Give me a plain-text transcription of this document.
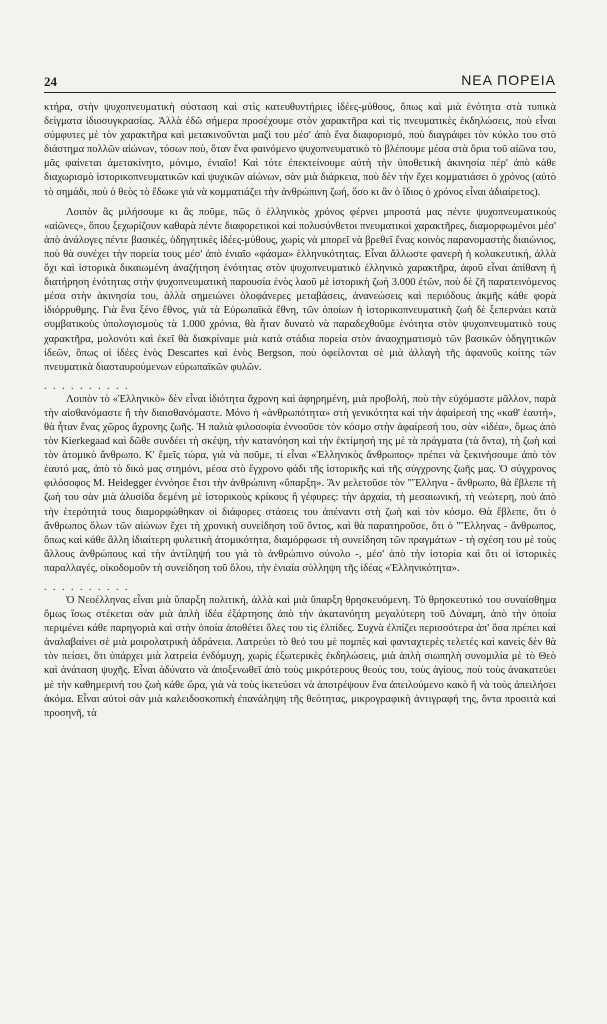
24	ΝΕΑ ΠΟΡΕΙΑ

κτήρα, στὴν ψυχοπνευματικὴ σύσταση καὶ στὶς κατευθυντήριες ἰδέες-μύθους, ὅπως καὶ μιὰ ἑνότητα στὰ τυπικὰ δείγματα ἰδιοσυγκρασίας. Ἀλλὰ ἐδῶ σήμερα προσέχουμε στὸν χαρακτῆρα καὶ τὶς πνευματικὲς ἐκδηλώσεις, ποὺ εἶναι σύμφυτες μὲ τὸν χαρακτῆρα καὶ μετακινοῦνται μαζὶ του μέσ' ἀπὸ ἕνα διαφορισμό, ποὺ διαγράφει τὸν κύκλο του στὸ διάστημα πολλῶν αἰώνων, τόσων ποὺ, ὅταν ἕνα φαινόμενο ψυχοπνευματικὸ τὸ βλέπουμε μέσα στὰ ὅρια τοῦ αἰῶνα του, μᾶς φαίνεται ἀμετακίνητο, μόνιμο, ἑνιαῖο! Καὶ τότε ἐπεκτείνουμε αὐτὴ τὴν ὑποθετικὴ ἀκινησία πέρ' ἀπὸ κάθε διαχωρισμὸ ἱστορικοπνευματικῶν καὶ ψυχικῶν αἰώνων, σὰν μιὰ διάρκεια, ποὺ δὲν τὴν ἔχει κομματιάσει ὁ χρόνος (αὐτὸ τὸ σημάδι, ποὺ ὁ θεὸς τὸ ἔδωκε γιὰ νὰ κομματιάζει τὴν ἀνθρώπινη ζωή, ὅσο κι ἂν ὁ ἴδιος ὁ χρόνος εἶναι ἀδιαίρετος).

Λοιπὸν ἂς μιλήσουμε κι ἂς ποῦμε, πῶς ὁ ἑλληνικὸς χρόνος φέρνει μπροστά μας πέντε ψυχοπνευματικοὺς «αἰῶνες», ὅπου ξεχωρίζουν καθαρὰ πέντε διαφορετικοὶ καὶ πολυσύνθετοι πνευματικοὶ χαρακτῆρες, διαμορφωμένοι μέσ' ἀπὸ ἀνάλογες πέντε βασικές, ὁδηγητικὲς ἰδέες-μύθους, χωρὶς νὰ μπορεῖ νὰ βρεθεῖ ἕνας κοινὸς παρανομαστὴς διαιώνιος, ποὺ θὰ συνέχει τὴν πορεία τους μέσ' ἀπὸ ἑνιαῖο «φάσμα» ἑλληνικότητας. Εἶναι ἄλλωστε φανερὴ ἡ κολακευτική, ἀλλὰ ὄχι καὶ ἱστορικὰ δικαιωμένη ἀναζήτηση ἑνότητας στὸν ψυχοπνευματικὸ ἑλληνικὸ χαρακτῆρα, ἀφοῦ εἶναι ἀπίθανη ἡ διατήρηση ἑνότητας στὴν ψυχοπνευματικὴ παρουσία ἑνὸς λαοῦ μὲ ἱστορικὴ ζωὴ 3.000 ἐτῶν, ποὺ δὲ ζῆ παρατεινόμενος μέσα στὴν ἀκινησία του, ἀλλὰ σημειώνει ὁλοφάνερες μεταβάσεις, ἀνανεώσεις καὶ περιόδους ἀκμῆς κάθε φορὰ ἰδιόρρυθμης. Γιὰ ἕνα ξένο ἔθνος, γιὰ τὰ Εὐρωπαϊκὰ ἔθνη, τῶν ὁποίων ἡ ἱστορικοπνευματικὴ ζωὴ δὲ ξεπερνάει κατὰ συμβατικοὺς ὑπολογισμοὺς τὰ 1.000 χρόνια, θὰ ἦταν δυνατὸ νὰ παραδεχθοῦμε ἑνότητα στὸν ψυχοπνευματικὸ τους χαρακτῆρα, μολονότι καὶ ἐκεῖ θὰ διακρίναμε μιὰ κατὰ στάδια πορεία στὸν ἀναοχηματισμὸ τῶν βασικῶν ὁδηγητικῶν ἰδεῶν, ὅπως οἱ ἰδέες ἑνὸς Descartes καὶ ἑνὸς Bergson, ποὺ ὀφείλονται σὲ μιὰ ἀλλαγὴ τῆς ἀφανοῦς κοίτης τῶν πνευματικὰ διασταυρούμενων εὐρωπαϊκῶν φυλῶν.

. . . . . . . . . .

Λοιπὸν τὸ «Ἑλληνικὸ» δὲν εἶναι ἰδιότητα ἄχρονη καὶ ἀφηρημένη, μιὰ προβολή, ποὺ τὴν εὐχόμαστε μᾶλλον, παρὰ τὴν αἰσθανόμαστε ἢ τὴν διαισθανόμαστε. Μόνο ἡ «ἀνθρωπότητα» στὴ γενικότητα καὶ τὴν ἀφαίρεσή της «καθ' ἑαυτή», θὰ ἦταν ἕνας χῶρος ἄχρονης ζωῆς. Ἡ παλιὰ φιλοσοφία ἐννοοῦσε τὸν κόσμο στὴν ἀφαίρεσή του, σὰν «ἰδέα», ὅμως ἀπὸ τὸν Kierkegaad καὶ δῶθε συνδέει τὴ σκέψη, τὴν κατανόηση καὶ τὴν ἐκτίμησή της μὲ τὰ πράγματα (τὰ ὄντα), τὴ ζωὴ καὶ τὸν ἀτομικὸ ἄνθρωπο. Κ' ἔμεῖς τώρα, γιὰ νὰ ποῦμε, τί εἶναι «Ἑλληνικὸς ἄνθρωπος» πρέπει νὰ ξεκινήσουμε ἀπὸ τὸν ἑαυτό μας, ἀπὸ τὸ δικό μας στημόνι, μέσα στὸ ἔγχρονο φάδι τῆς ἱστορικῆς καὶ τῆς σύγχρονης ζωῆς μας. Ὁ σύγχρονος φιλόσοφος Μ. Heidegger ἐννόησε ἔτσι τὴν ἀνθρώπινη «ὕπαρξη». Ἂν μελετοῦσε τὸν "Ἕλληνα - ἄνθρωπο, θὰ ἔβλεπε τὴ ζωή του σὰν μιὰ ἀλυσίδα δεμένη μὲ ἱστορικοὺς κρίκους ἢ γέφυρες: τὴν ἀρχαία, τὴ μεσαιωνική, τὴ νεώτερη, ποὺ ἀπὸ τὴν ἑτερότητά τους διαμορφώθηκαν οἱ διάφορες στάσεις του ἀπέναντι στὴ ζωὴ καὶ τὸν κόσμο. Θὰ ἔβλεπε, ὅτι ὁ ἄνθρωπος ὅλων τῶν αἰώνων ἔχει τὴ χρονικὴ συνείδηση τοῦ ὄντος, καὶ θὰ παρατηροῦσε, ὅτι ὁ "Ἕλληνας - ἄνθρωπος, ὅπως καὶ κάθε ἄλλη ἰδιαίτερη φυλετικὴ ἀτομικότητα, διαμόρφωσε τὴ συνείδηση τῶν πραγμάτων - τὴ σχέση του μὲ τοὺς ἄλλους ἀνθρώπους καὶ τὴν ἀντίληψή του γιὰ τὸ ἀνθρώπινο σύνολο -, μέσ' ἀπὸ τὴν ἱστορία καὶ ὅτι οἱ ἱστορικὲς παραλλαγές, οἰκοδομοῦν τὴ συνείδηση τοῦ ὅλου, τὴν ἑνιαία σύλληψη τῆς ἰδέας «Ἑλληνικότητα».

. . . . . . . . . .

Ὁ Νεοέλληνας εἶναι μιὰ ὕπαρξη πολιτική, ἀλλὰ καὶ μιὰ ὕπαρξη θρησκευόμενη. Τὸ θρησκευτικό του συναίσθημα ὅμως ἴσως στέκεται σὰν μιὰ ἁπλὴ ἰδέα ἐξάρτησης ἀπὸ τὴν ἀκατανόητη μεγαλύτερη τοῦ Δύναμη, ἀπὸ τὴν ὁποία περιμένει κάθε παρηγοριὰ καὶ στὴν ὁποία ἀποθέτει ὅλες του τὶς ἐλπίδες. Συχνὰ ἐλπίζει περισσότερα ἀπ' ὅσα πρέπει καὶ ἀναλαβαίνει σὲ μιὰ μοιρολατρικὴ ἀδράνεια. Λατρεύει τὸ θεό του μὲ πομπὲς καὶ φανταχτερὲς τελετές καὶ κανεὶς δὲν θὰ τὸν πείσει, ὅτι ὑπάρχει μιὰ λατρεία ἐνδόμυχη, χωρὶς ἐξωτερικὲς ἐκδηλώσεις, μιὰ ἁπλὴ σιωπηλὴ συνομιλία μὲ τὸ Θεὸ καὶ ἀνάταση ψυχῆς. Εἶναι ἀδύνατο νὰ ἀποξενωθεῖ ἀπὸ τοὺς μικρότερους θεούς του, τοὺς ἁγίους, ποὺ τοὺς ἀνακατεύει μὲ τὴν καθημερινή του ζωὴ κάθε ὥρα, γιὰ νὰ τοὺς ἱκετεύσει νὰ ἀποτρέψουν ἕνα ἀπειλούμενο κακὸ ἢ νὰ τοὺς ἀπειλήσει ἀκόμα. Εἶναι αὐτοὶ σὰν μιὰ καλειδοσκοπικὴ ἐπανάληψη τῆς θεότητας, μικρογραφικὴ ἀντιγραφή της, ὄντα προσιτὰ καὶ προσηνῆ, τὰ
